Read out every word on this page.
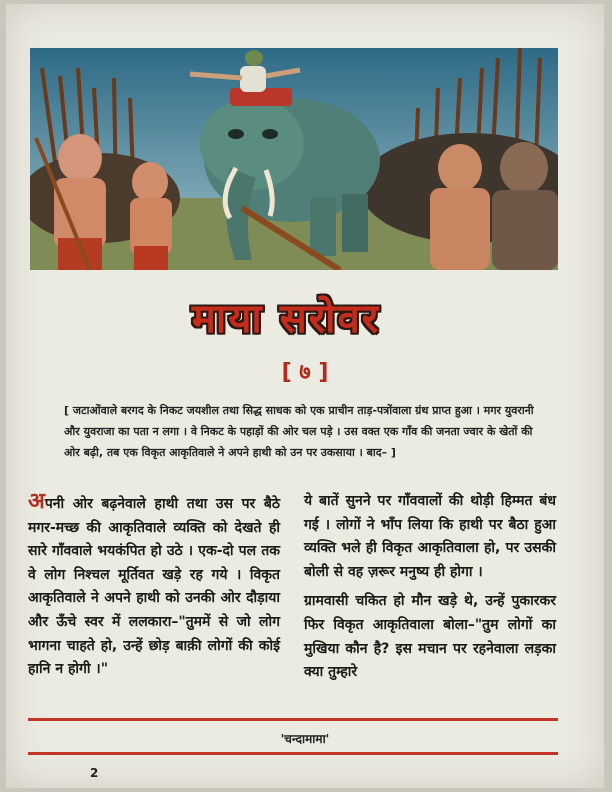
माया सरोवर
[ ७ ]
[ जटाओंवाले बरगद के निकट जयशील तथा सिद्ध साधक को एक प्राचीन ताड़-पत्रोंवाला ग्रंथ प्राप्त हुआ । मगर युवरानी और युवराजा का पता न लगा । वे निकट के पहाड़ों की ओर चल पड़े । उस वक्त एक गाँव की जनता ज्वार के खेतों की ओर बढ़ी, तब एक विकृत आकृतिवाले ने अपने हाथी को उन पर उकसाया । बाद– ]

अपनी ओर बढ़नेवाले हाथी तथा उस पर बैठे मगर-मच्छ की आकृतिवाले व्यक्ति को देखते ही सारे गाँववाले भयकंपित हो उठे । एक-दो पल तक वे लोग निश्चल मूर्तिवत खड़े रह गये । विकृत आकृतिवाले ने अपने हाथी को उनकी ओर दौड़ाया और ऊँचे स्वर में ललकारा–"तुममें से जो लोग भागना चाहते हो, उन्हें छोड़ बाक़ी लोगों की कोई हानि न होगी ।"

ये बातें सुनने पर गाँववालों की थोड़ी हिम्मत बंध गई । लोगों ने भाँप लिया कि हाथी पर बैठा हुआ व्यक्ति भले ही विकृत आकृतिवाला हो, पर उसकी बोली से वह ज़रूर मनुष्य ही होगा ।

ग्रामवासी चकित हो मौन खड़े थे, उन्हें पुकारकर फिर विकृत आकृतिवाला बोला–"तुम लोगों का मुखिया कौन है? इस मचान पर रहनेवाला लड़का क्या तुम्हारे

'चन्दामामा'
2
